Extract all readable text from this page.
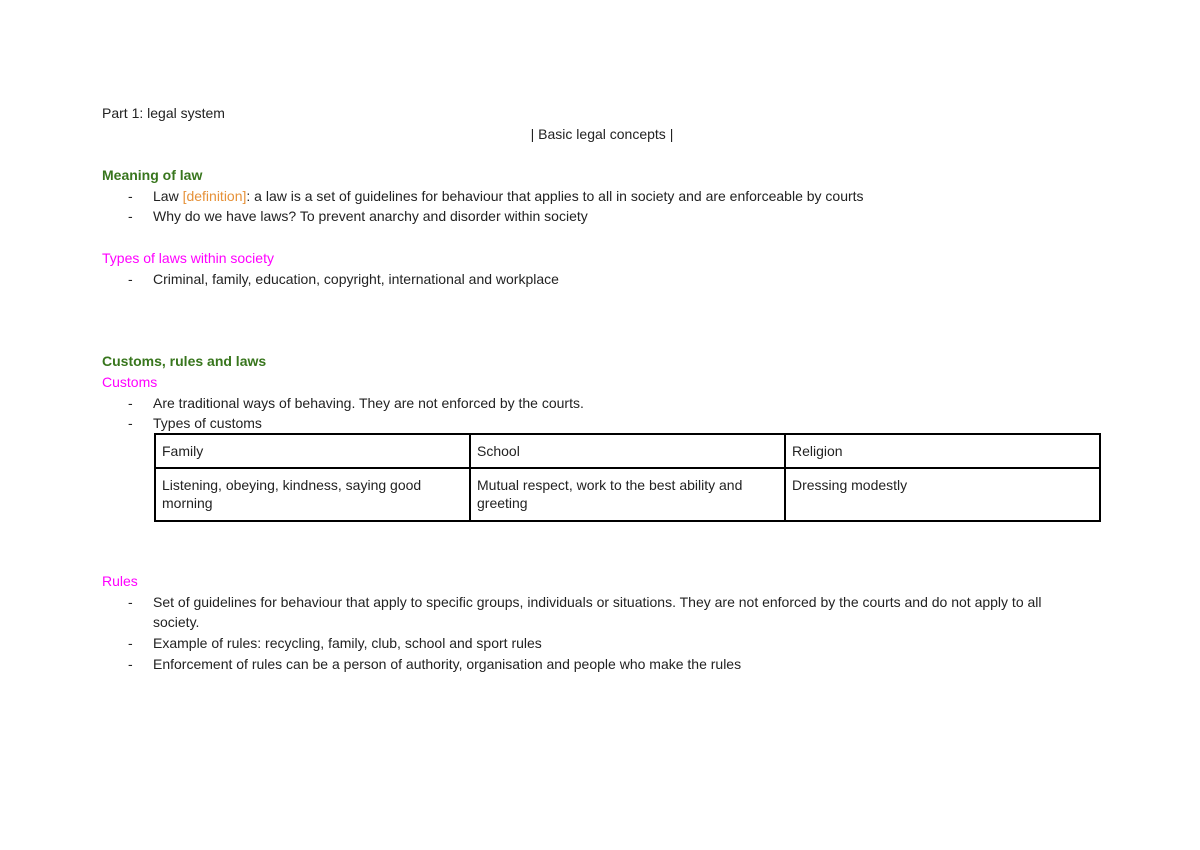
Part 1: legal system
| Basic legal concepts |
Meaning of law
- Law [definition]: a law is a set of guidelines for behaviour that applies to all in society and are enforceable by courts
- Why do we have laws? To prevent anarchy and disorder within society
Types of laws within society
- Criminal, family, education, copyright, international and workplace
Customs, rules and laws
Customs
- Are traditional ways of behaving. They are not enforced by the courts.
- Types of customs
Family	School	Religion
Listening, obeying, kindness, saying good morning	Mutual respect, work to the best ability and greeting	Dressing modestly
Rules
- Set of guidelines for behaviour that apply to specific groups, individuals or situations. They are not enforced by the courts and do not apply to all society.
- Example of rules: recycling, family, club, school and sport rules
- Enforcement of rules can be a person of authority, organisation and people who make the rules
